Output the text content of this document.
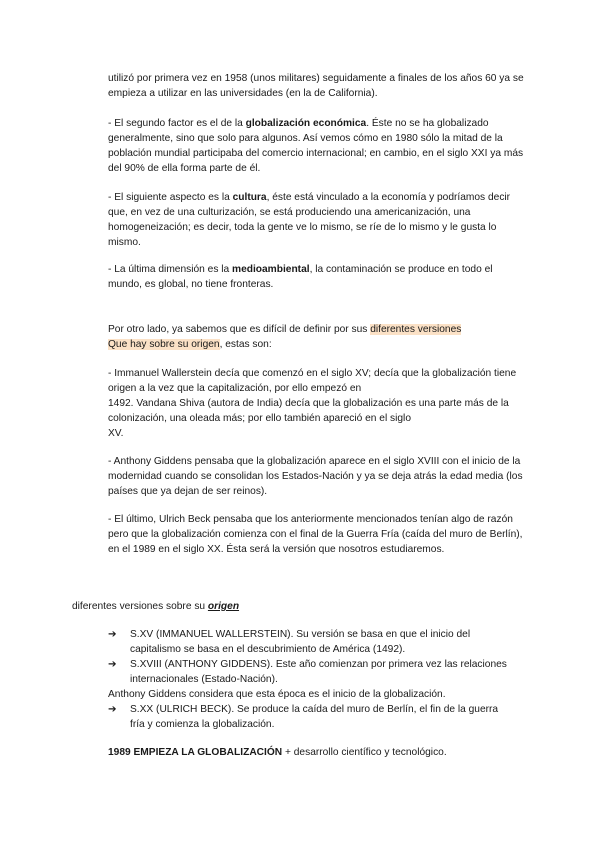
utilizó por primera vez en 1958 (unos militares) seguidamente a finales de los años 60 ya se empieza a utilizar en las universidades (en la de California).

- El segundo factor es el de la globalización económica. Éste no se ha globalizado generalmente, sino que solo para algunos. Así vemos cómo en 1980 sólo la mitad de la población mundial participaba del comercio internacional; en cambio, en el siglo XXI ya más del 90% de ella forma parte de él.

- El siguiente aspecto es la cultura, éste está vinculado a la economía y podríamos decir que, en vez de una culturización, se está produciendo una americanización, una homogeneización; es decir, toda la gente ve lo mismo, se ríe de lo mismo y le gusta lo mismo.

- La última dimensión es la medioambiental, la contaminación se produce en todo el mundo, es global, no tiene fronteras.

Por otro lado, ya sabemos que es difícil de definir por sus diferentes versiones
Que hay sobre su origen, estas son:

- Immanuel Wallerstein decía que comenzó en el siglo XV; decía que la globalización tiene origen a la vez que la capitalización, por ello empezó en

1492. Vandana Shiva (autora de India) decía que la globalización es una parte más de la colonización, una oleada más; por ello también apareció en el siglo

XV.

- Anthony Giddens pensaba que la globalización aparece en el siglo XVIII con el inicio de la modernidad cuando se consolidan los Estados-Nación y ya se deja atrás la edad media (los países que ya dejan de ser reinos).

- El último, Ulrich Beck pensaba que los anteriormente mencionados tenían algo de razón pero que la globalización comienza con el final de la Guerra Fría (caída del muro de Berlín), en el 1989 en el siglo XX. Ésta será la versión que nosotros estudiaremos.

diferentes versiones sobre su origen

➔ S.XV (IMMANUEL WALLERSTEIN). Su versión se basa en que el inicio del capitalismo se basa en el descubrimiento de América (1492).
➔ S.XVIII (ANTHONY GIDDENS). Este año comienzan por primera vez las relaciones internacionales (Estado-Nación).
Anthony Giddens considera que esta época es el inicio de la globalización.
➔ S.XX (ULRICH BECK). Se produce la caída del muro de Berlín, el fin de la guerra fría y comienza la globalización.

1989 EMPIEZA LA GLOBALIZACIÓN + desarrollo científico y tecnológico.
